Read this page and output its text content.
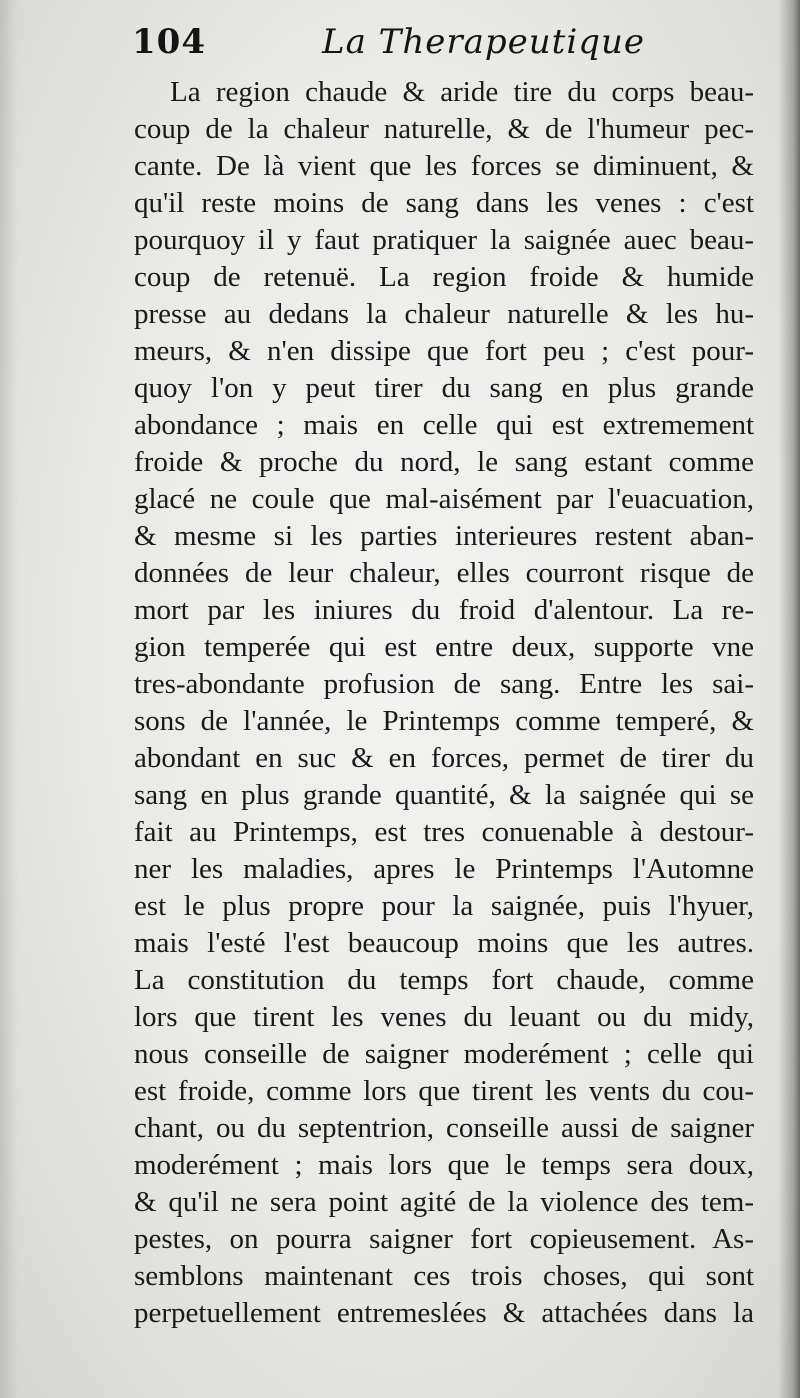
104	La Therapeutique
La region chaude & aride tire du corps beau-
coup de la chaleur naturelle, & de l'humeur pec-
cante. De là vient que les forces se diminuent, &
qu'il reste moins de sang dans les venes : c'est
pourquoy il y faut pratiquer la saignée auec beau-
coup de retenuë. La region froide & humide
presse au dedans la chaleur naturelle & les hu-
meurs, & n'en dissipe que fort peu ; c'est pour-
quoy l'on y peut tirer du sang en plus grande
abondance ; mais en celle qui est extremement
froide & proche du nord, le sang estant comme
glacé ne coule que mal-aisément par l'euacuation,
& mesme si les parties interieures restent aban-
données de leur chaleur, elles courront risque de
mort par les iniures du froid d'alentour. La re-
gion temperée qui est entre deux, supporte vne
tres-abondante profusion de sang. Entre les sai-
sons de l'année, le Printemps comme temperé, &
abondant en suc & en forces, permet de tirer du
sang en plus grande quantité, & la saignée qui se
fait au Printemps, est tres conuenable à destour-
ner les maladies, apres le Printemps l'Automne
est le plus propre pour la saignée, puis l'hyuer,
mais l'esté l'est beaucoup moins que les autres.
La constitution du temps fort chaude, comme
lors que tirent les venes du leuant ou du midy,
nous conseille de saigner moderément ; celle qui
est froide, comme lors que tirent les vents du cou-
chant, ou du septentrion, conseille aussi de saigner
moderément ; mais lors que le temps sera doux,
& qu'il ne sera point agité de la violence des tem-
pestes, on pourra saigner fort copieusement. As-
semblons maintenant ces trois choses, qui sont
perpetuellement entremeslées & attachées dans la
